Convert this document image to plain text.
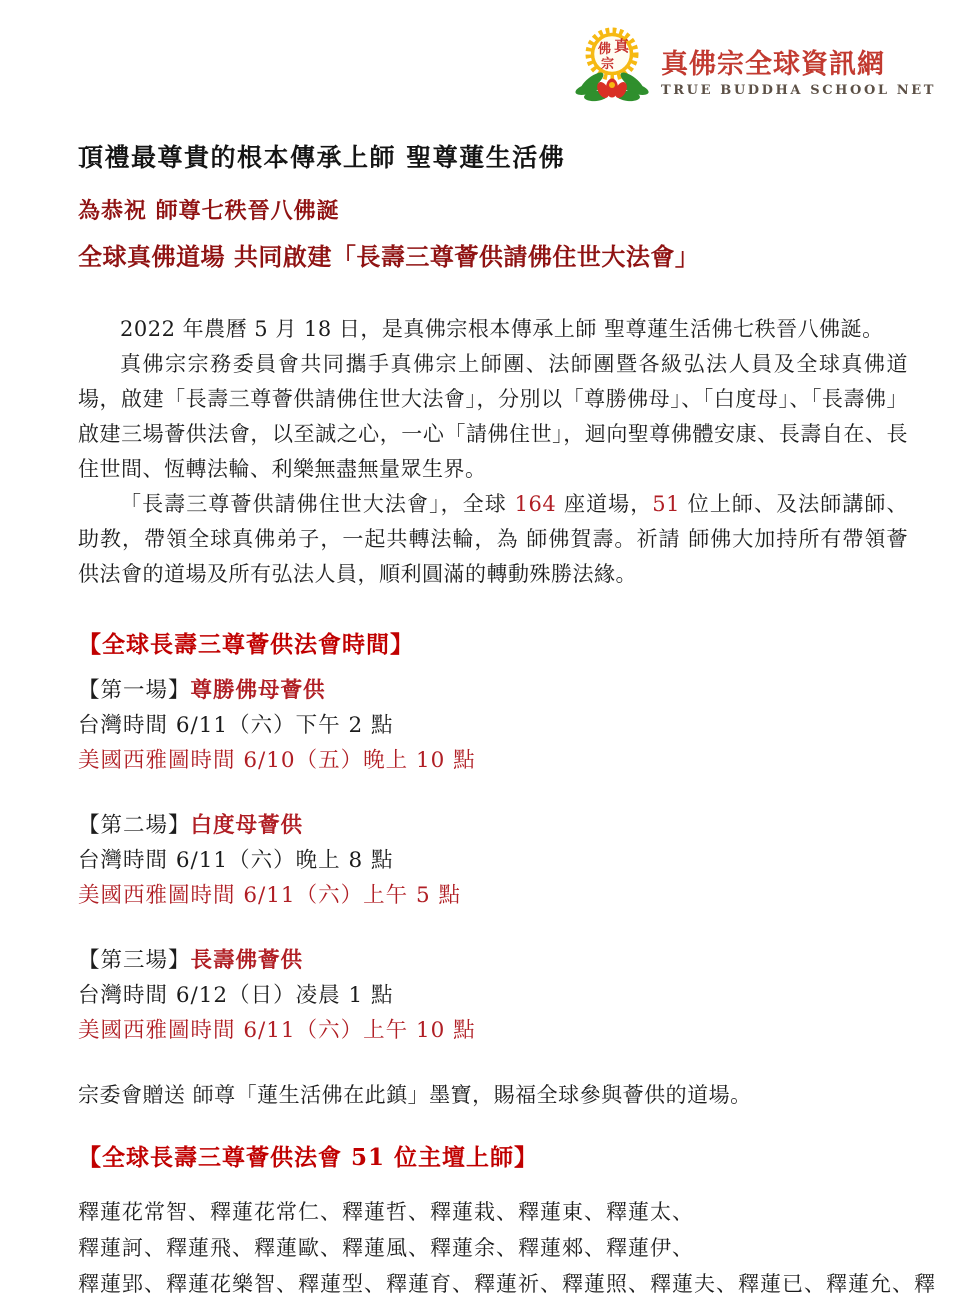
佛 真
宗 真佛宗全球資訊網
TRUE BUDDHA SCHOOL NET
頂禮最尊貴的根本傳承上師 聖尊蓮生活佛

為恭祝 師尊七秩晉八佛誕

全球真佛道場 共同啟建「長壽三尊薈供請佛住世大法會」

2022 年農曆 5 月 18 日，是真佛宗根本傳承上師 聖尊蓮生活佛七秩晉八佛誕。

真佛宗宗務委員會共同攜手真佛宗上師團、法師團暨各級弘法人員及全球真佛道場，啟建「長壽三尊薈供請佛住世大法會」，分別以「尊勝佛母」、「白度母」、「長壽佛」啟建三場薈供法會，以至誠之心，一心「請佛住世」，迴向聖尊佛體安康、長壽自在、長住世間、恆轉法輪、利樂無盡無量眾生界。

「長壽三尊薈供請佛住世大法會」，全球 164 座道場，51 位上師、及法師講師、助教，帶領全球真佛弟子，一起共轉法輪，為 師佛賀壽。祈請 師佛大加持所有帶領薈供法會的道場及所有弘法人員，順利圓滿的轉動殊勝法緣。

【全球長壽三尊薈供法會時間】

【第一場】尊勝佛母薈供

台灣時間 6/11（六）下午 2 點

美國西雅圖時間 6/10（五）晚上 10 點

【第二場】白度母薈供

台灣時間 6/11（六）晚上 8 點

美國西雅圖時間 6/11（六）上午 5 點

【第三場】長壽佛薈供

台灣時間 6/12（日）凌晨 1 點

美國西雅圖時間 6/11（六）上午 10 點

宗委會贈送 師尊「蓮生活佛在此鎮」墨寶，賜福全球參與薈供的道場。

【全球長壽三尊薈供法會 51 位主壇上師】

釋蓮花常智、釋蓮花常仁、釋蓮哲、釋蓮栽、釋蓮東、釋蓮太、

釋蓮訶、釋蓮飛、釋蓮歐、釋蓮風、釋蓮余、釋蓮郲、釋蓮伊、

釋蓮郢、釋蓮花樂智、釋蓮型、釋蓮育、釋蓮祈、釋蓮照、釋蓮夫、釋蓮已、釋蓮允、釋
